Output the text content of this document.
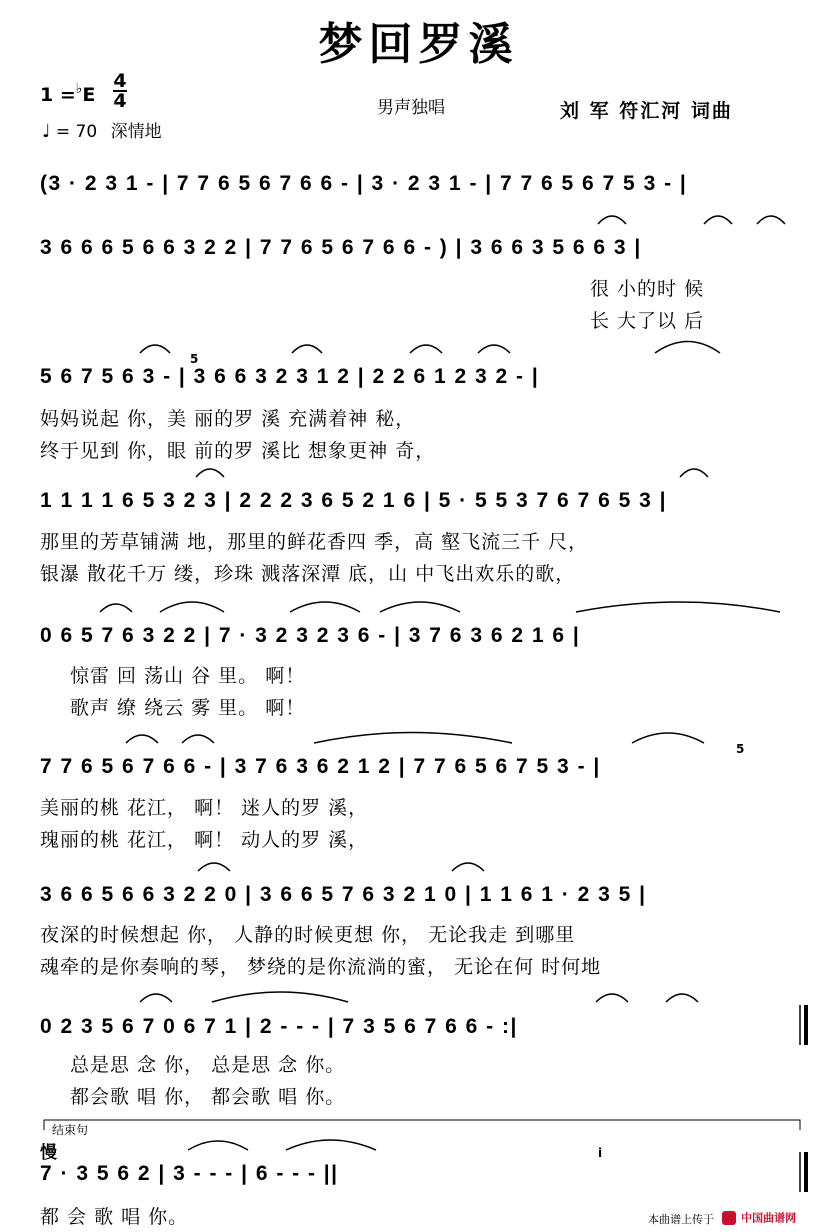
梦回罗溪
1 =♭E
4
4
♩ = 70 深情地
男声独唱	刘 军 符汇河 词曲
(3 · 2 3 1 - | 7 7 6 5 6 7 6 6 - | 3 · 2 3 1 - | 7 7 6 5 6 7 5 3 - |
3 6 6 6 5 6 6 3 2 2 | 7 7 6 5 6 7 6 6 - ) | 3 6 6 3 5 6 6 3 |
很 小的时 候
长 大了以 后
5 6 7 5 6 3 - | 3 6 6 3 2 3 1 2 | 2 2 6 1 2 3 2 - |
妈妈说起 你，美 丽的罗 溪 充满着神 秘，
终于见到 你，眼 前的罗 溪比 想象更神 奇，
1 1 1 1 6 5 3 2 3 | 2 2 2 3 6 5 2 1 6 | 5 · 5 5 3 7 6 7 6 5 3 |
那里的芳草铺满 地，那里的鲜花香四 季，高 壑飞流三千 尺，
银瀑 散花千万 缕，珍珠 溅落深潭 底，山 中飞出欢乐的歌，
0 6 5 7 6 3 2 2 | 7 · 3 2 3 2 3 6 - | 3 7 6 3 6 2 1 6 |
惊雷 回 荡山 谷 里。 啊！
歌声 缭 绕云 雾 里。 啊！
7 7 6 5 6 7 6 6 - | 3 7 6 3 6 2 1 2 | 7 7 6 5 6 7 5 3 - |
美丽的桃 花江， 啊！ 迷人的罗 溪，
瑰丽的桃 花江， 啊！ 动人的罗 溪，
3 6 6 5 6 6 3 2 2 0 | 3 6 6 5 7 6 3 2 1 0 | 1 1 6 1 · 2 3 5 |
夜深的时候想起 你， 人静的时候更想 你， 无论我走 到哪里
魂牵的是你奏响的琴， 梦绕的是你流淌的蜜， 无论在何 时何地
0 2 3 5 6 7 0 6 7 1 | 2 - - - | 7 3 5 6 7 6 6 - :|
总是思 念 你， 总是思 念 你。
都会歌 唱 你， 都会歌 唱 你。
结束句
慢
7 · 3 5 6 2 | 3 - - - | 6 - - - ||
都 会 歌 唱 你。
5
5
i
本曲谱上传于	中国曲谱网
